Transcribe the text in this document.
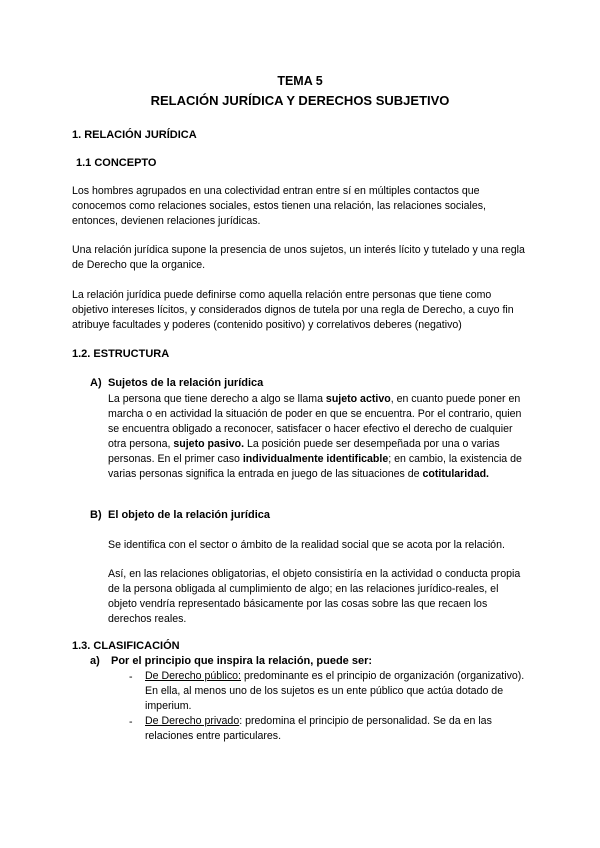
TEMA 5
RELACIÓN JURÍDICA Y DERECHOS SUBJETIVO
1. RELACIÓN JURÍDICA
1.1 CONCEPTO
Los hombres agrupados en una colectividad entran entre sí en múltiples contactos que conocemos como relaciones sociales, estos tienen una relación, las relaciones sociales, entonces, devienen relaciones jurídicas.
Una relación jurídica supone la presencia de unos sujetos, un interés lícito y tutelado y una regla de Derecho que la organice.
La relación jurídica puede definirse como aquella relación entre personas que tiene como objetivo intereses lícitos, y considerados dignos de tutela por una regla de Derecho, a cuyo fin atribuye facultades y poderes (contenido positivo) y correlativos deberes (negativo)
1.2. ESTRUCTURA
A) Sujetos de la relación jurídica
La persona que tiene derecho a algo se llama sujeto activo, en cuanto puede poner en marcha o en actividad la situación de poder en que se encuentra. Por el contrario, quien se encuentra obligado a reconocer, satisfacer o hacer efectivo el derecho de cualquier otra persona, sujeto pasivo. La posición puede ser desempeñada por una o varias personas. En el primer caso individualmente identificable; en cambio, la existencia de varias personas significa la entrada en juego de las situaciones de cotitularidad.
B) El objeto de la relación jurídica
Se identifica con el sector o ámbito de la realidad social que se acota por la relación.
Así, en las relaciones obligatorias, el objeto consistiría en la actividad o conducta propia de la persona obligada al cumplimiento de algo; en las relaciones jurídico-reales, el objeto vendría representado básicamente por las cosas sobre las que recaen los derechos reales.
1.3. CLASIFICACIÓN
a) Por el principio que inspira la relación, puede ser:
- De Derecho público: predominante es el principio de organización (organizativo). En ella, al menos uno de los sujetos es un ente público que actúa dotado de imperium.
- De Derecho privado: predomina el principio de personalidad. Se da en las relaciones entre particulares.
